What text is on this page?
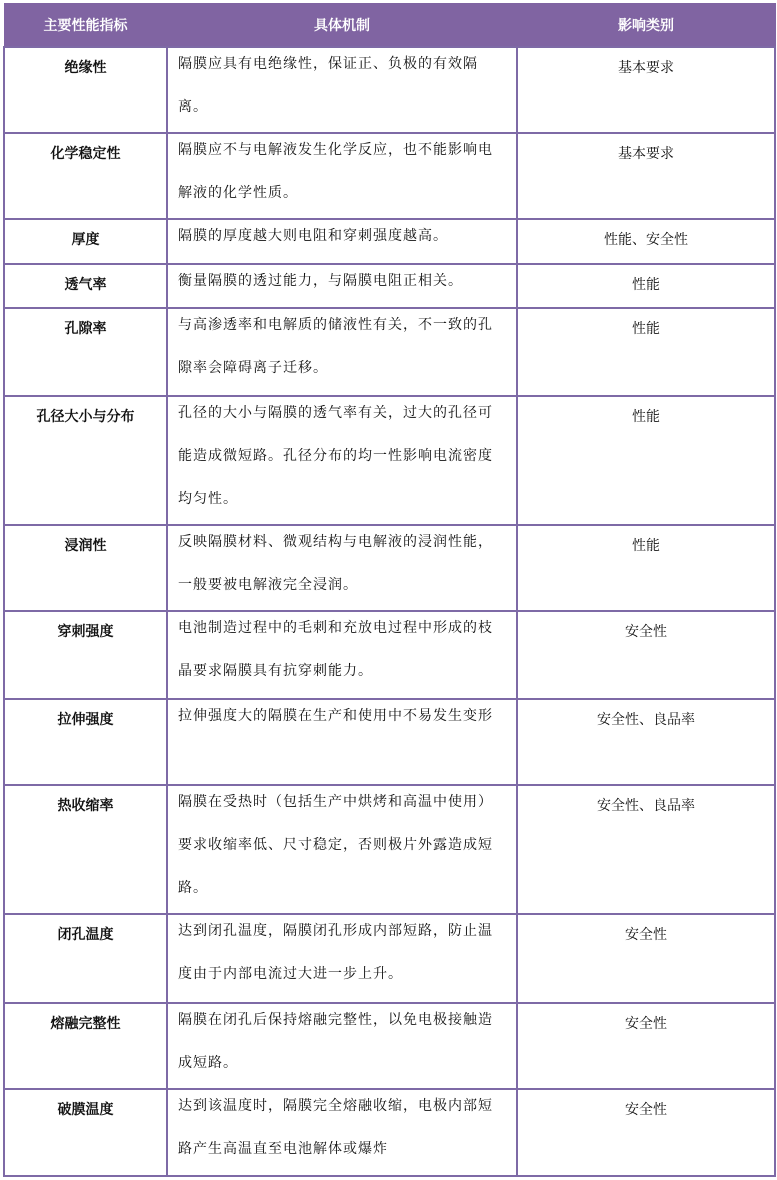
主要性能指标	具体机制	影响类别
绝缘性	隔膜应具有电绝缘性，保证正、负极的有效隔离。	基本要求
化学稳定性	隔膜应不与电解液发生化学反应，也不能影响电解液的化学性质。	基本要求
厚度	隔膜的厚度越大则电阻和穿刺强度越高。	性能、安全性
透气率	衡量隔膜的透过能力，与隔膜电阻正相关。	性能
孔隙率	与高渗透率和电解质的储液性有关，不一致的孔隙率会障碍离子迁移。	性能
孔径大小与分布	孔径的大小与隔膜的透气率有关，过大的孔径可能造成微短路。孔径分布的均一性影响电流密度均匀性。	性能
浸润性	反映隔膜材料、微观结构与电解液的浸润性能，一般要被电解液完全浸润。	性能
穿刺强度	电池制造过程中的毛刺和充放电过程中形成的枝晶要求隔膜具有抗穿刺能力。	安全性
拉伸强度	拉伸强度大的隔膜在生产和使用中不易发生变形	安全性、良品率
热收缩率	隔膜在受热时（包括生产中烘烤和高温中使用）要求收缩率低、尺寸稳定，否则极片外露造成短路。	安全性、良品率
闭孔温度	达到闭孔温度，隔膜闭孔形成内部短路，防止温度由于内部电流过大进一步上升。	安全性
熔融完整性	隔膜在闭孔后保持熔融完整性，以免电极接触造成短路。	安全性
破膜温度	达到该温度时，隔膜完全熔融收缩，电极内部短路产生高温直至电池解体或爆炸	安全性
